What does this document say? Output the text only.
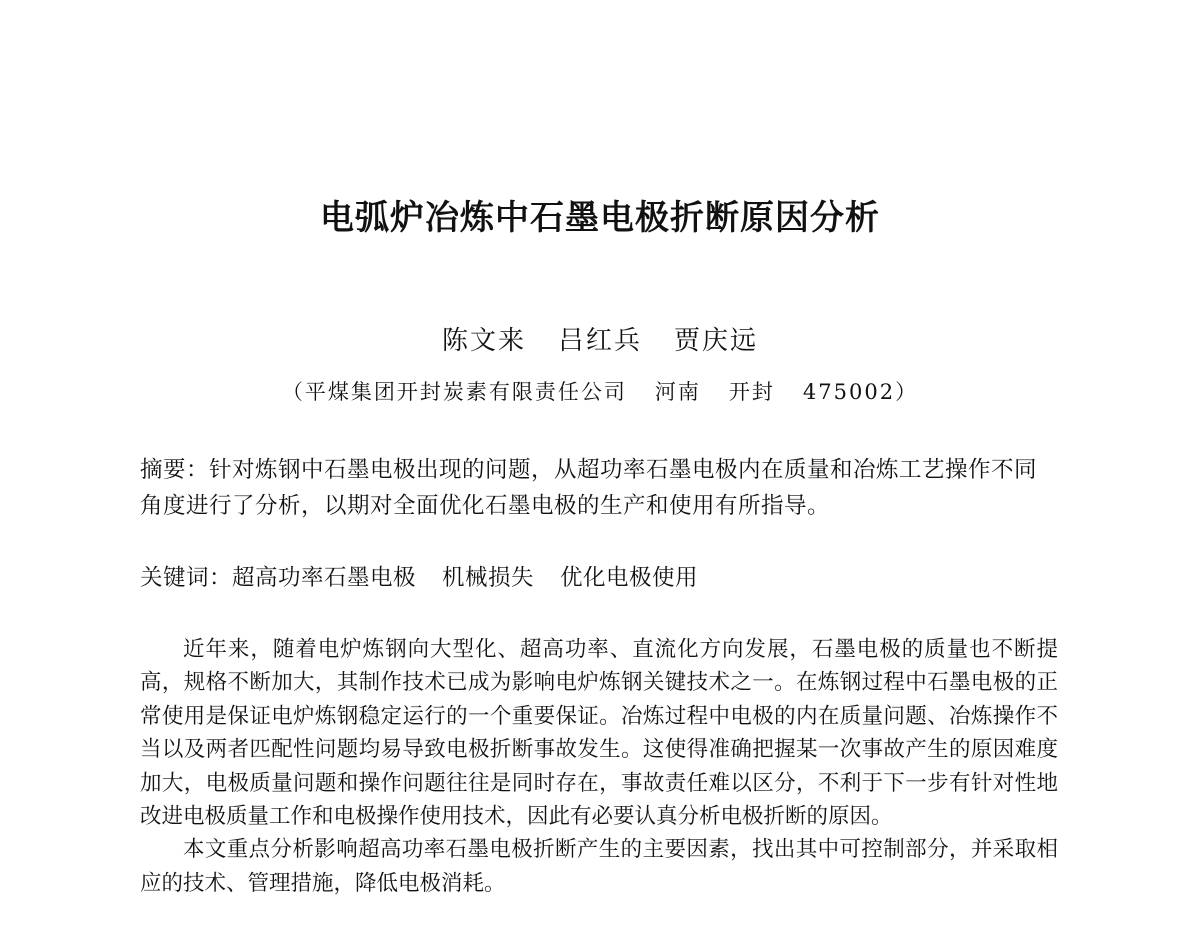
电弧炉冶炼中石墨电极折断原因分析
陈文来 吕红兵 贾庆远
（平煤集团开封炭素有限责任公司 河南 开封 475002）
摘要：针对炼钢中石墨电极出现的问题，从超功率石墨电极内在质量和冶炼工艺操作不同角度进行了分析，以期对全面优化石墨电极的生产和使用有所指导。
关键词：超高功率石墨电极 机械损失 优化电极使用

近年来，随着电炉炼钢向大型化、超高功率、直流化方向发展，石墨电极的质量也不断提高，规格不断加大，其制作技术已成为影响电炉炼钢关键技术之一。在炼钢过程中石墨电极的正常使用是保证电炉炼钢稳定运行的一个重要保证。冶炼过程中电极的内在质量问题、冶炼操作不当以及两者匹配性问题均易导致电极折断事故发生。这使得准确把握某一次事故产生的原因难度加大，电极质量问题和操作问题往往是同时存在，事故责任难以区分，不利于下一步有针对性地改进电极质量工作和电极操作使用技术，因此有必要认真分析电极折断的原因。

本文重点分析影响超高功率石墨电极折断产生的主要因素，找出其中可控制部分，并采取相应的技术、管理措施，降低电极消耗。
